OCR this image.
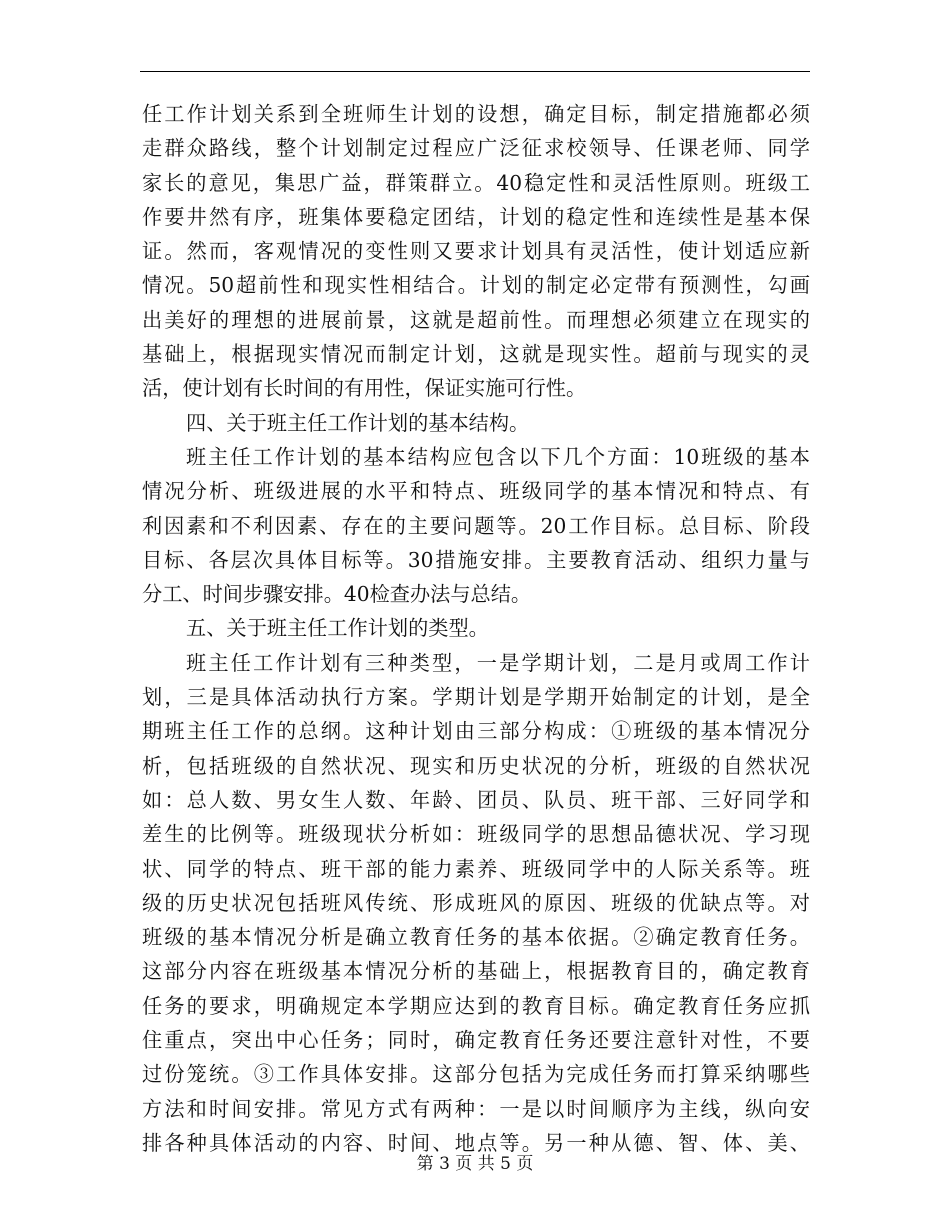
任工作计划关系到全班师生计划的设想，确定目标，制定措施都必须
走群众路线，整个计划制定过程应广泛征求校领导、任课老师、同学
家长的意见，集思广益，群策群立。40稳定性和灵活性原则。班级工
作要井然有序，班集体要稳定团结，计划的稳定性和连续性是基本保
证。然而，客观情况的变性则又要求计划具有灵活性，使计划适应新
情况。50超前性和现实性相结合。计划的制定必定带有预测性，勾画
出美好的理想的进展前景，这就是超前性。而理想必须建立在现实的
基础上，根据现实情况而制定计划，这就是现实性。超前与现实的灵
活，使计划有长时间的有用性，保证实施可行性。
四、关于班主任工作计划的基本结构。
班主任工作计划的基本结构应包含以下几个方面：10班级的基本
情况分析、班级进展的水平和特点、班级同学的基本情况和特点、有
利因素和不利因素、存在的主要问题等。20工作目标。总目标、阶段
目标、各层次具体目标等。30措施安排。主要教育活动、组织力量与
分工、时间步骤安排。40检查办法与总结。
五、关于班主任工作计划的类型。
班主任工作计划有三种类型，一是学期计划，二是月或周工作计
划，三是具体活动执行方案。学期计划是学期开始制定的计划，是全
期班主任工作的总纲。这种计划由三部分构成：①班级的基本情况分
析，包括班级的自然状况、现实和历史状况的分析，班级的自然状况
如：总人数、男女生人数、年龄、团员、队员、班干部、三好同学和
差生的比例等。班级现状分析如：班级同学的思想品德状况、学习现
状、同学的特点、班干部的能力素养、班级同学中的人际关系等。班
级的历史状况包括班风传统、形成班风的原因、班级的优缺点等。对
班级的基本情况分析是确立教育任务的基本依据。②确定教育任务。
这部分内容在班级基本情况分析的基础上，根据教育目的，确定教育
任务的要求，明确规定本学期应达到的教育目标。确定教育任务应抓
住重点，突出中心任务；同时，确定教育任务还要注意针对性，不要
过份笼统。③工作具体安排。这部分包括为完成任务而打算采纳哪些
方法和时间安排。常见方式有两种：一是以时间顺序为主线，纵向安
排各种具体活动的内容、时间、地点等。另一种从德、智、体、美、
第 3 页 共 5 页
